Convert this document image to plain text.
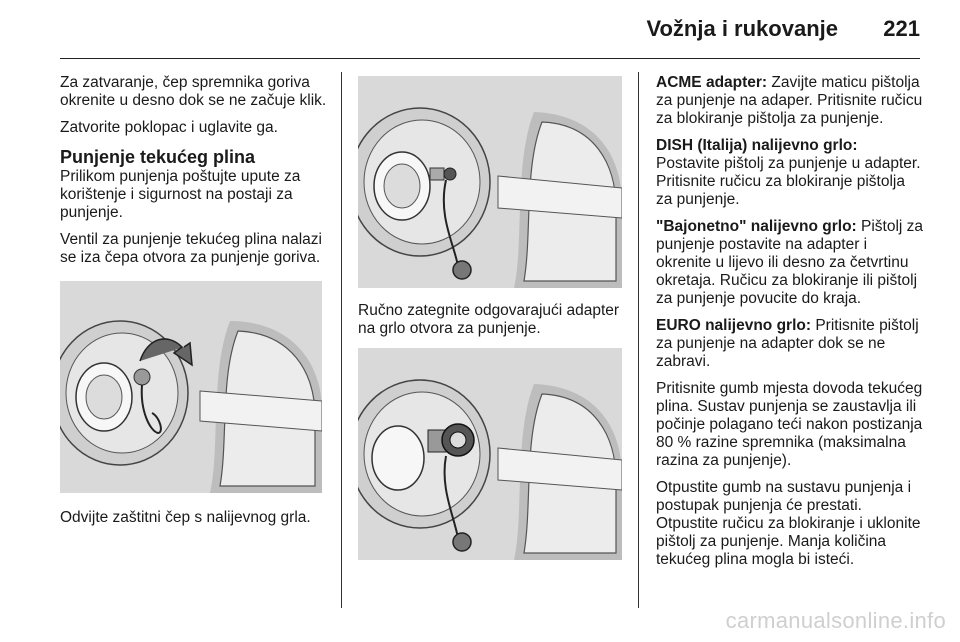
Vožnja i rukovanje 221

Za zatvaranje, čep spremnika goriva okrenite u desno dok se ne začuje klik.

Zatvorite poklopac i uglavite ga.

Punjenje tekućeg plina

Prilikom punjenja poštujte upute za korištenje i sigurnost na postaji za punjenje.

Ventil za punjenje tekućeg plina nalazi se iza čepa otvora za punjenje goriva.

Odvijte zaštitni čep s nalijevnog grla.

Ručno zategnite odgovarajući adapter na grlo otvora za punjenje.

ACME adapter: Zavijte maticu pištolja za punjenje na adaper. Pritisnite ručicu za blokiranje pištolja za punjenje.

DISH (Italija) nalijevno grlo: Postavite pištolj za punjenje u adapter. Pritisnite ručicu za blokiranje pištolja za punjenje.

"Bajonetno" nalijevno grlo: Pištolj za punjenje postavite na adapter i okrenite u lijevo ili desno za četvrtinu okretaja. Ručicu za blokiranje ili pištolj za punjenje povucite do kraja.

EURO nalijevno grlo: Pritisnite pištolj za punjenje na adapter dok se ne zabravi.

Pritisnite gumb mjesta dovoda tekućeg plina. Sustav punjenja se zaustavlja ili počinje polagano teći nakon postizanja 80 % razine spremnika (maksimalna razina za punjenje).

Otpustite gumb na sustavu punjenja i postupak punjenja će prestati. Otpustite ručicu za blokiranje i uklonite pištolj za punjenje. Manja količina tekućeg plina mogla bi isteći.

carmanualsonline.info
